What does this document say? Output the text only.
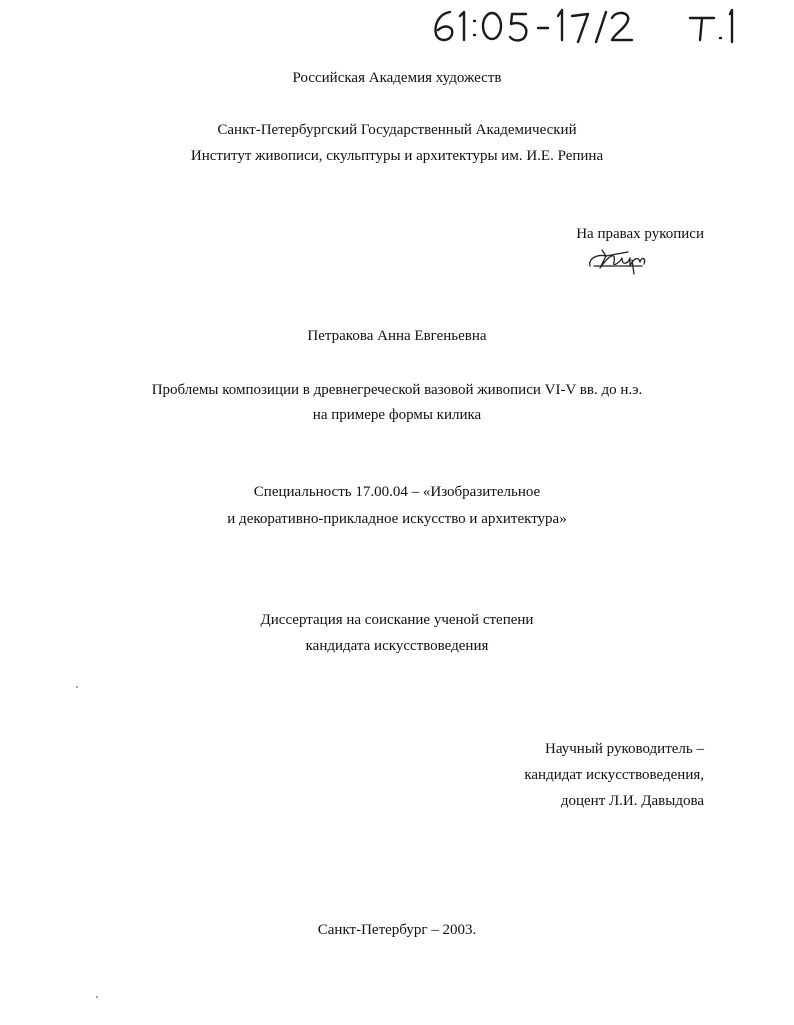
Российская Академия художеств
Санкт-Петербургский Государственный Академический
Институт живописи, скульптуры и архитектуры им. И.Е. Репина
На правах рукописи
Петракова Анна Евгеньевна
Проблемы композиции в древнегреческой вазовой живописи VI-V вв. до н.э.
на примере формы килика
Специальность 17.00.04 – «Изобразительное
и декоративно-прикладное искусство и архитектура»
Диссертация на соискание ученой степени
кандидата искусствоведения
Научный руководитель –
кандидат искусствоведения,
доцент Л.И. Давыдова
Санкт-Петербург – 2003.
